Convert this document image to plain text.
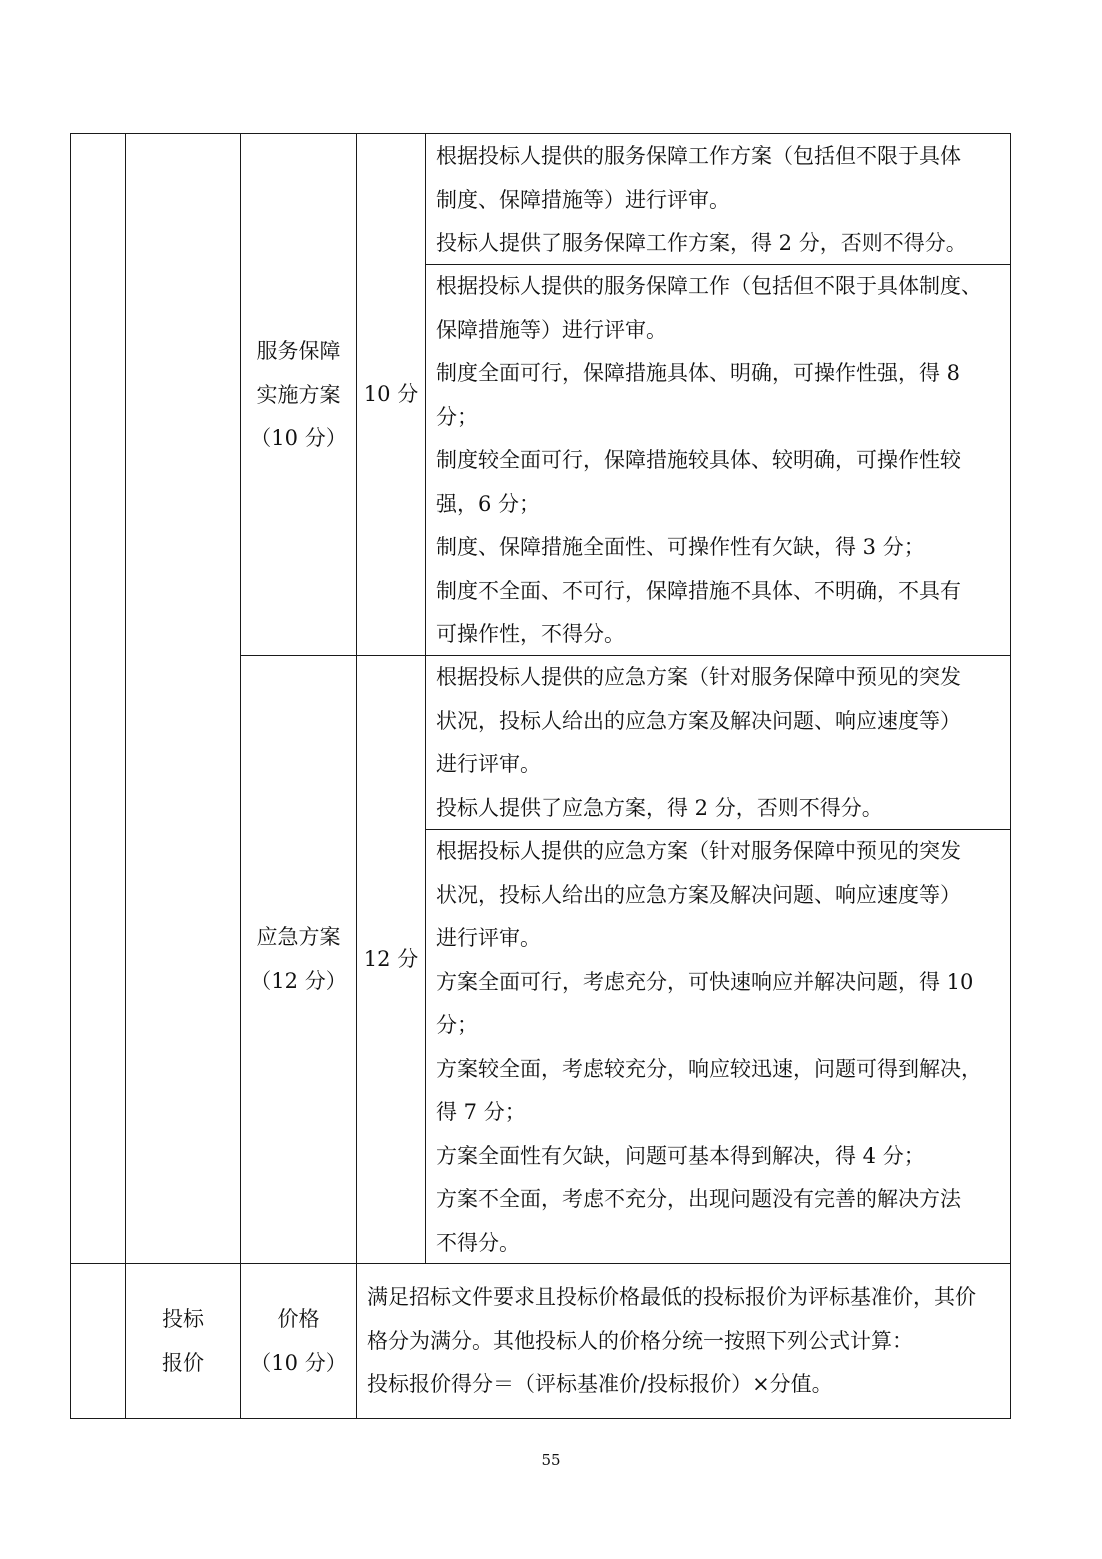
服务保障
实施方案
（10 分）
10 分
根据投标人提供的服务保障工作方案（包括但不限于具体
制度、保障措施等）进行评审。
投标人提供了服务保障工作方案，得 2 分，否则不得分。
根据投标人提供的服务保障工作（包括但不限于具体制度、
保障措施等）进行评审。
制度全面可行，保障措施具体、明确，可操作性强，得 8
分；
制度较全面可行，保障措施较具体、较明确，可操作性较
强，6 分；
制度、保障措施全面性、可操作性有欠缺，得 3 分；
制度不全面、不可行，保障措施不具体、不明确，不具有
可操作性，不得分。
应急方案
（12 分）
12 分
根据投标人提供的应急方案（针对服务保障中预见的突发
状况，投标人给出的应急方案及解决问题、响应速度等）
进行评审。
投标人提供了应急方案，得 2 分，否则不得分。
根据投标人提供的应急方案（针对服务保障中预见的突发
状况，投标人给出的应急方案及解决问题、响应速度等）
进行评审。
方案全面可行，考虑充分，可快速响应并解决问题，得 10
分；
方案较全面，考虑较充分，响应较迅速，问题可得到解决，
得 7 分；
方案全面性有欠缺，问题可基本得到解决，得 4 分；
方案不全面，考虑不充分，出现问题没有完善的解决方法
不得分。
投标
报价
价格
（10 分）
满足招标文件要求且投标价格最低的投标报价为评标基准价，其价
格分为满分。其他投标人的价格分统一按照下列公式计算：
投标报价得分＝（评标基准价/投标报价）×分值。
55
